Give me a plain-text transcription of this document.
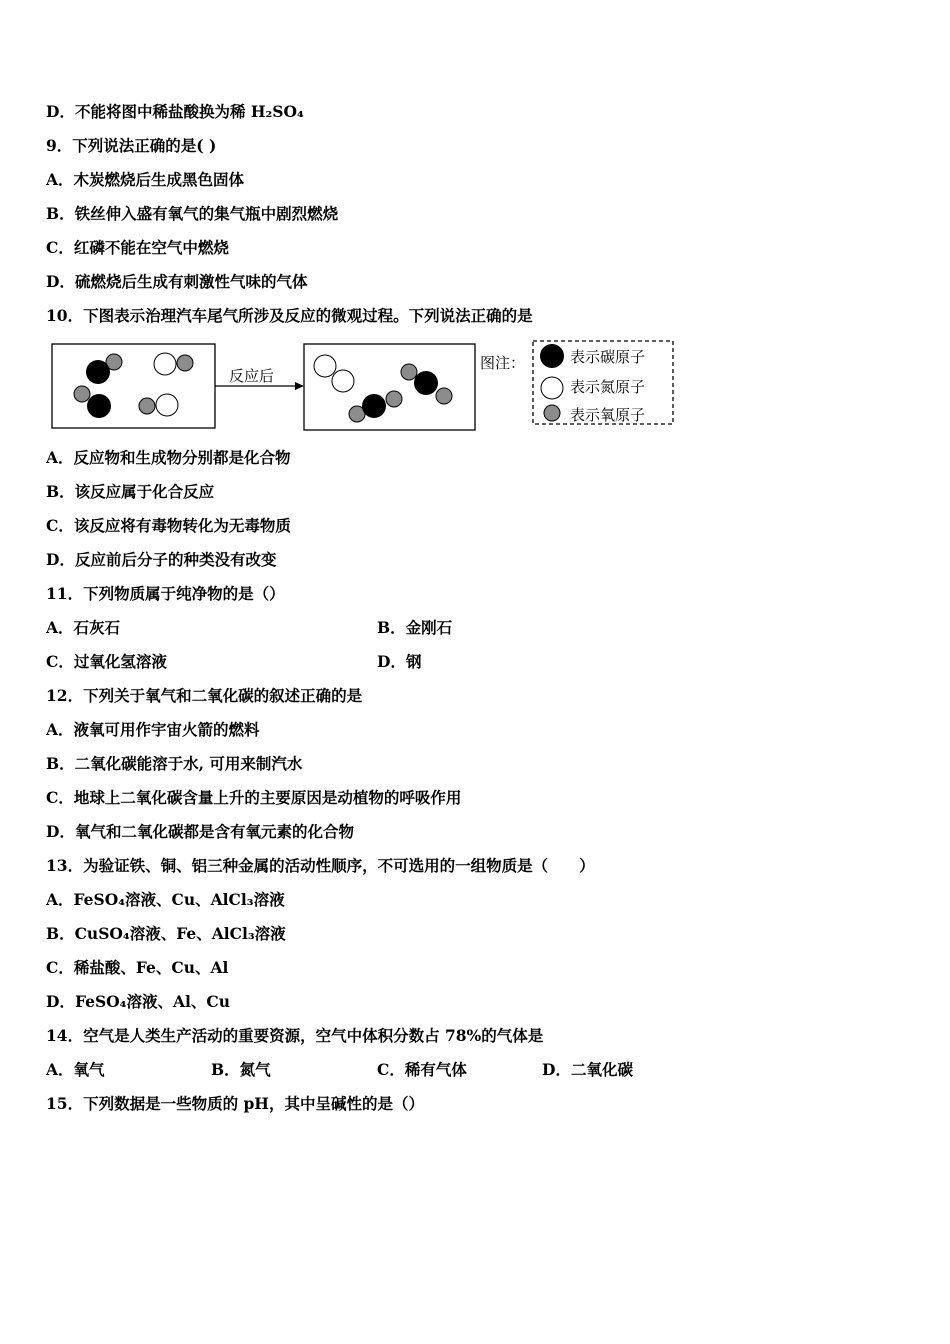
D．不能将图中稀盐酸换为稀 H₂SO₄
9．下列说法正确的是( )
A．木炭燃烧后生成黑色固体
B．铁丝伸入盛有氧气的集气瓶中剧烈燃烧
C．红磷不能在空气中燃烧
D．硫燃烧后生成有刺激性气味的气体
10．下图表示治理汽车尾气所涉及反应的微观过程。下列说法正确的是
反应后
图注：	表示碳原子
表示氮原子
表示氧原子
A．反应物和生成物分别都是化合物
B．该反应属于化合反应
C．该反应将有毒物转化为无毒物质
D．反应前后分子的种类没有改变
11．下列物质属于纯净物的是（）
A．石灰石	B．金刚石
C．过氧化氢溶液	D．钢
12．下列关于氧气和二氧化碳的叙述正确的是
A．液氧可用作宇宙火箭的燃料
B．二氧化碳能溶于水, 可用来制汽水
C．地球上二氧化碳含量上升的主要原因是动植物的呼吸作用
D．氧气和二氧化碳都是含有氧元素的化合物
13．为验证铁、铜、铝三种金属的活动性顺序，不可选用的一组物质是（　　）
A．FeSO₄溶液、Cu、AlCl₃溶液
B．CuSO₄溶液、Fe、AlCl₃溶液
C．稀盐酸、Fe、Cu、Al
D．FeSO₄溶液、Al、Cu
14．空气是人类生产活动的重要资源，空气中体积分数占 78%的气体是
A．氧气	B．氮气	C．稀有气体	D．二氧化碳
15．下列数据是一些物质的 pH，其中呈碱性的是（）
